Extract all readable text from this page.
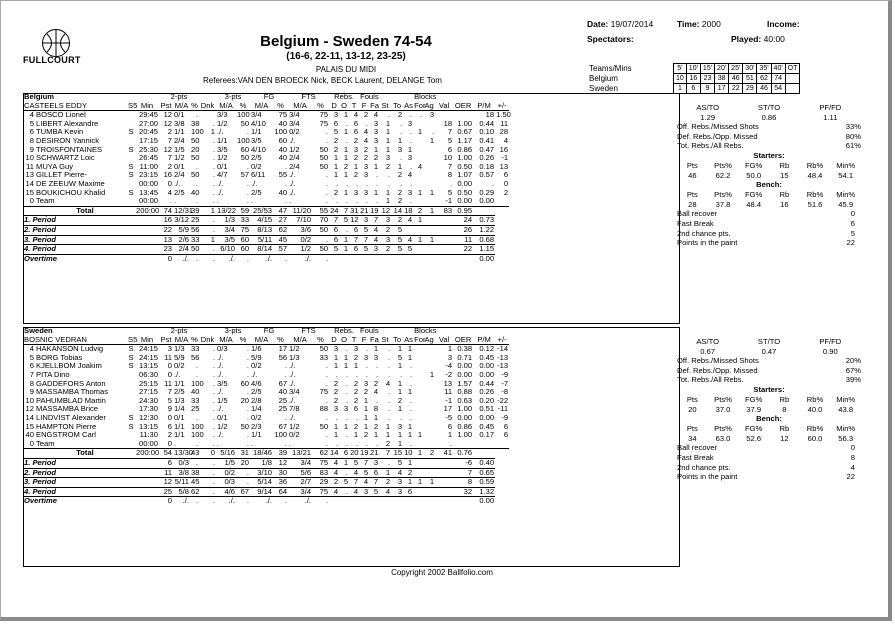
FULLCOURT
Belgium - Sweden 74-54
(16-6, 22-11, 13-12, 23-25)
PALAIS DU MIDI
Referees:VAN DEN BROECK Nick, BECK Laurent, DELANGE Tom
Date: 19/07/2014	Time: 2000	Income:
Spectators:	Played: 40:00
Teams/Mins	5'	10'	15'	20'	25'	30'	35'	40'	OT
Belgium	10	16	23	38	46	51	62	74	
Sweden	1	6	9	17	22	29	46	54	
Belgium				2-pts				3-pts		FG		FTS		Rebs.			Fouls					Blocks						
CASTEELS EDDY		S5	Min	Pst	M/A	%	Dnk	M/A	%	M/A	%	M/A	%	D	O	T	F	Fa	St	To	As	For	Ag	Val	OER	P/M	+/-	
4	BOSCO Lionel		29:45	12	0/1	.		3/3	100	3/4	75	3/4	75	3	1	4	2	4	.	2	.	.	3			18	1.50		
5	LIBERT Alexandre		27:00	12	3/8	38	.	1/2	50	4/10	40	3/4	75	6	.	6	.	3	1	.	3			18	1.00	0.44	11	
6	TUMBA Kevin	S	20:45	2	1/1	100	1	./.	.	1/1	100	0/2	.	5	1	6	4	3	1	.	.	1	.	7	0.67	0.10	28	
8	DESIRON Yannick		17:15	7	2/4	50	.	1/1	100	3/5	60	./.	.	2	.	2	4	3	1	1	.		1	5	1.17	0.41	4	
9	TROISFONTAINES	S	25:30	12	1/5	20	.	3/5	60	4/10	40	1/2	50	2	1	3	2	1	1	3	1			6	0.86	0.47	16	
10	SCHWARTZ Loic		26:45	7	1/2	50	.	1/2	50	2/5	40	2/4	50	1	1	2	2	2	3	.	3			10	1.00	0.26	-1	
11	MUYA Guy	S	11:00	2	0/1	.	.	0/1	.	0/2	.	2/4	50	1	2	1	3	1	2	1	.	4		7	0.50	0.18	13	
13	GILLET Pierre-	S	23:15	16	2/4	50	.	4/7	57	6/11	55	./.	.	1	1	2	3	.	.	2	4			8	1.07	0.57	6	
14	DE ZEEUW Maxime		00:00	0	./.	.	.	./.	.	./.	.	./.	.	.	.	.	.	.	.	.	.			.	0.00	.	0	
15	BOUKICHOU Khalid	S	13:45	4	2/5	40	.	./.	.	2/5	40	./.	.	2	1	3	3	1	1	2	3	1	1	5	0.50	0.29	2	
0	Team		00:00	.	.	.	.	.	.	.	.	.	.	.	.	.	.	.	1	2	.			-1	0.00	0.00		
	Total		200:00	74	12/31	39	1	13/22	59	25/53	47	11/20	55	24	7	31	21	19	12	14	18	2	1	83	0.95			
1. Period				16	3/12	25	.	1/3	33	4/15	27	7/10	70	7	5	12	3	7	3	2	4	1			24	0.73		
2. Period				22	5/9	56	.	3/4	75	8/13	62	3/6	50	6	.	6	5	4	2	5					26	1.22		
3. Period				13	2/6	33	1	3/5	60	5/11	45	0/2	.	6	1	7	7	4	3	5	4	1	1		11	0.68		
4. Period				23	2/4	50	.	6/10	60	8/14	57	1/2	50	5	1	6	5	3	2	5	5				22	1.15		
Overtime				0	./.	.	.	./.	.	./.	.	./.	.													0.00		
AS/TO	ST/TO	PF/FD
1.29	0.86	1.11
Off. Rebs./Missed Shots	33%
Def. Rebs./Opp. Missed	80%
Tot. Rebs./All Rebs.	61%
Starters:
Pts	Pts%	FG%	Rb	Rb%	Min%
46	62.2	50.0	15	48.4	54.1
Bench:
Pts	Pts%	FG%	Rb	Rb%	Min%
28	37.8	48.4	16	51.6	45.9
Ball recover	0
Fast Break	6
2nd chance pts.	5
Points in the paint	22
Sweden				2-pts				3-pts		FG		FTS		Rebs.			Fouls					Blocks					
BOSNIC VEDRAN		S5	Min	Pst	M/A	%	Dnk	M/A	%	M/A	%	M/A	%	D	O	T	F	Fa	St	To	As	For	Ag	Val	OER	P/M	+/-
4	HAKANSON Ludvig	S	24:15	3	1/3	33	.	0/3	.	1/6	17	1/2	50	3	.	3	.	1	.	1	1			1	0.38	0.12	-14
5	BORG Tobias	S	24:15	11	5/9	56	.	./.	.	5/9	56	1/3	33	1	1	2	3	3	.	5	1			3	0.71	0.45	-13
6	KJELLBOM Joakim	S	13:15	0	0/2	.	.	./.	.	0/2	.	./.	.	1	1	1	.	.	.	1	.			-4	0.00	0.00	-13
7	PITA Dino		06:30	0	./.	.	.	./.	.	./.	.	./.	.	.	.	.	.	.	.	.	.		1	-2	0.00	0.00	-9
8	GADDEFORS Anton		25:15	11	1/1	100	.	3/5	60	4/6	67	./.	.	2	.	2	3	2	4	1	.			13	1.57	0.44	-7
9	MASSAMBA Thomas		27:15	7	2/5	40	.	./.	.	2/5	40	3/4	75	2	.	2	2	4	.	1	1			11	0.88	0.26	-8
10	PAHUMBLAD Martin		24:30	5	1/3	33	.	1/5	20	2/8	25	./.	.	2	.	2	1	.	.	2	.			-1	0.63	0.20	-22
12	MASSAMBA Brice		17:30	9	1/4	25	.	./.	.	1/4	25	7/8	88	3	3	6	1	8	.	1	.			17	1.00	0.51	-11
14	LINDVIST Alexander	S	12:30	0	0/1	.	.	0/1	.	0/2	.	./.	.	.	.	.	1	1	.	.	.			-5	0.00	0.00	-9
15	HAMPTON Pierre	S	13:15	6	1/1	100	.	1/2	50	2/3	67	1/2	50	1	1	2	1	2	1	3	1			6	0.86	0.45	6
40	ENGSTROM Carl		11:30	2	1/1	100	.	./.	.	1/1	100	0/2	.	1	.	1	2	1	1	1	1	1		1	1.00	0.17	6
0	Team		00:00	0	.	.	.	.	.	.	.	.	.	.	.	.	.	.	2	1	.			.			
	Total		200:00	54	13/30	43	0	5/16	31	18/46	39	13/21	62	14	6	20	19	21	7	15	10	1	2	41	0.76		
1. Period				6	0/3	.	.	1/5	20	1/8	12	3/4	75	4	1	5	7	3	.	5	1				-6	0.40	
2. Period				11	3/8	38	.	0/2	.	3/10	30	5/6	83	4	.	4	5	6	1	4	2				7	0.65	
3. Period				12	5/11	45	.	0/3	.	5/14	36	2/7	29	2	5	7	4	7	2	3	1	1	1		8	0.59	
4. Period				25	5/8	62	.	4/6	67	9/14	64	3/4	75	4	.	4	3	5	4	3	6				32	1.32	
Overtime				0	./.	.	.	./.	.	./.	.	./.	.													0.00	
AS/TO	ST/TO	PF/FD
0.67	0.47	0.90
Off. Rebs./Missed Shots	20%
Def. Rebs./Opp. Missed	67%
Tot. Rebs./All Rebs.	39%
Starters:
Pts	Pts%	FG%	Rb	Rb%	Min%
20	37.0	37.9	8	40.0	43.8
Bench:
Pts	Pts%	FG%	Rb	Rb%	Min%
34	63.0	52.6	12	60.0	56.3
Ball recover	0
Fast Break	8
2nd chance pts.	4
Points in the paint	22
Copyright 2002 Ballfolio.com
